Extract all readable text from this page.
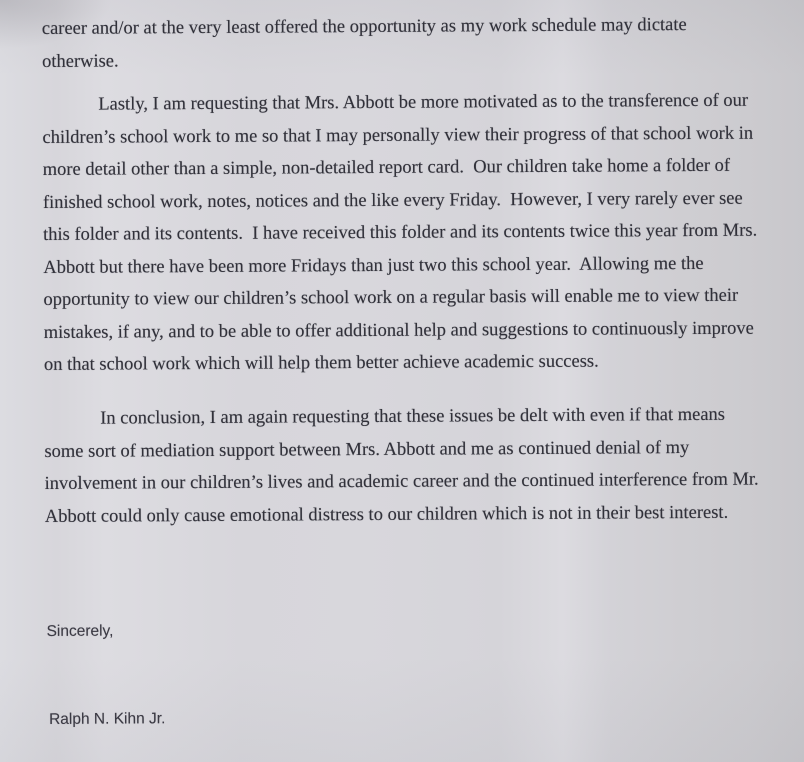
career and/or at the very least offered the opportunity as my work schedule may dictate
otherwise.
Lastly, I am requesting that Mrs. Abbott be more motivated as to the transference of our
children’s school work to me so that I may personally view their progress of that school work in
more detail other than a simple, non-detailed report card.  Our children take home a folder of
finished school work, notes, notices and the like every Friday.  However, I very rarely ever see
this folder and its contents.  I have received this folder and its contents twice this year from Mrs.
Abbott but there have been more Fridays than just two this school year.  Allowing me the
opportunity to view our children’s school work on a regular basis will enable me to view their
mistakes, if any, and to be able to offer additional help and suggestions to continuously improve
on that school work which will help them better achieve academic success.
In conclusion, I am again requesting that these issues be delt with even if that means
some sort of mediation support between Mrs. Abbott and me as continued denial of my
involvement in our children’s lives and academic career and the continued interference from Mr.
Abbott could only cause emotional distress to our children which is not in their best interest.
Sincerely,
Ralph N. Kihn Jr.
